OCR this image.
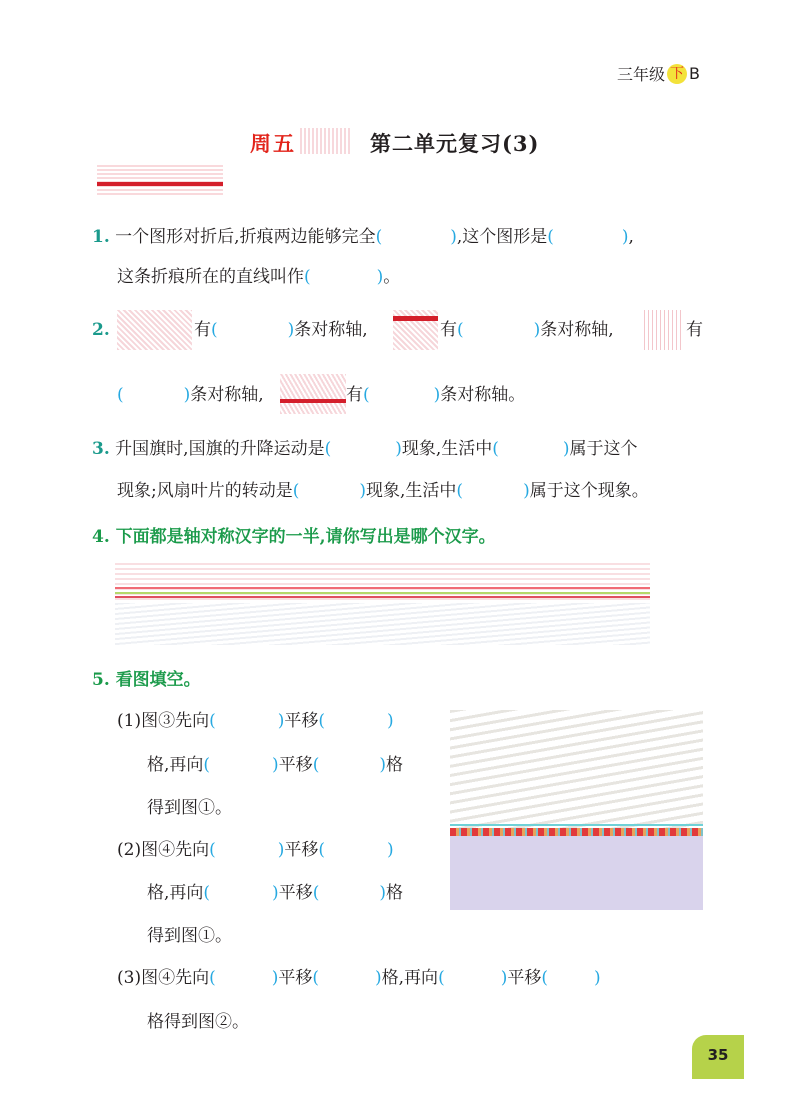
三年级 下 B
周五	第二单元复习(3)
1. 一个图形对折后,折痕两边能够完全(	),这个图形是(	),
这条折痕所在的直线叫作(	)。
2.	有(	)条对称轴,	有(	)条对称轴,	有
(	)条对称轴,	有(	)条对称轴。
3. 升国旗时,国旗的升降运动是(	)现象,生活中(	)属于这个
现象;风扇叶片的转动是(	)现象,生活中(	)属于这个现象。
4. 下面都是轴对称汉字的一半,请你写出是哪个汉字。
5. 看图填空。
(1)图③先向(	)平移(	)
格,再向(	)平移(	)格
得到图①。
(2)图④先向(	)平移(	)
格,再向(	)平移(	)格
得到图①。
(3)图④先向(	)平移(	)格,再向(	)平移(	)
格得到图②。
35
